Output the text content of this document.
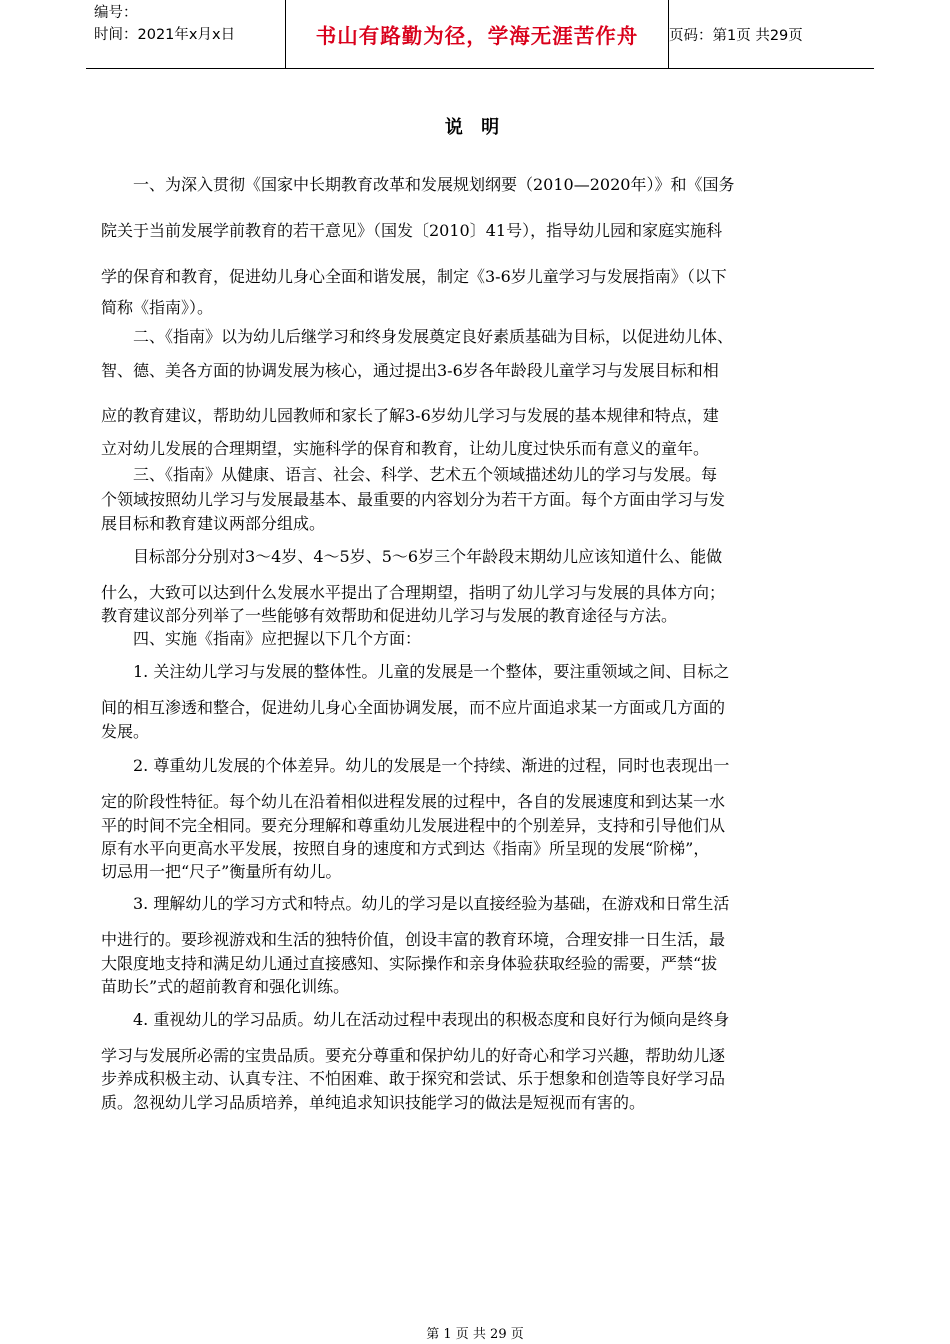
编号：
时间：2021年x月x日	书山有路勤为径，学海无涯苦作舟	页码：第1页 共29页
说 明
　　一、为深入贯彻《国家中长期教育改革和发展规划纲要（2010—2020年）》和《国务
院关于当前发展学前教育的若干意见》（国发〔2010〕41号），指导幼儿园和家庭实施科
学的保育和教育，促进幼儿身心全面和谐发展，制定《3-6岁儿童学习与发展指南》（以下
简称《指南》）。
　　二、《指南》以为幼儿后继学习和终身发展奠定良好素质基础为目标，以促进幼儿体、
智、德、美各方面的协调发展为核心，通过提出3-6岁各年龄段儿童学习与发展目标和相
应的教育建议，帮助幼儿园教师和家长了解3-6岁幼儿学习与发展的基本规律和特点，建
立对幼儿发展的合理期望，实施科学的保育和教育，让幼儿度过快乐而有意义的童年。
　　三、《指南》从健康、语言、社会、科学、艺术五个领域描述幼儿的学习与发展。每
个领域按照幼儿学习与发展最基本、最重要的内容划分为若干方面。每个方面由学习与发
展目标和教育建议两部分组成。
　　目标部分分别对3～4岁、4～5岁、5～6岁三个年龄段末期幼儿应该知道什么、能做
什么，大致可以达到什么发展水平提出了合理期望，指明了幼儿学习与发展的具体方向；
教育建议部分列举了一些能够有效帮助和促进幼儿学习与发展的教育途径与方法。
　　四、实施《指南》应把握以下几个方面：
　　1. 关注幼儿学习与发展的整体性。儿童的发展是一个整体，要注重领域之间、目标之
间的相互渗透和整合，促进幼儿身心全面协调发展，而不应片面追求某一方面或几方面的
发展。
　　2. 尊重幼儿发展的个体差异。幼儿的发展是一个持续、渐进的过程，同时也表现出一
定的阶段性特征。每个幼儿在沿着相似进程发展的过程中，各自的发展速度和到达某一水
平的时间不完全相同。要充分理解和尊重幼儿发展进程中的个别差异，支持和引导他们从
原有水平向更高水平发展，按照自身的速度和方式到达《指南》所呈现的发展“阶梯”，
切忌用一把“尺子”衡量所有幼儿。
　　3. 理解幼儿的学习方式和特点。幼儿的学习是以直接经验为基础，在游戏和日常生活
中进行的。要珍视游戏和生活的独特价值，创设丰富的教育环境，合理安排一日生活，最
大限度地支持和满足幼儿通过直接感知、实际操作和亲身体验获取经验的需要，严禁“拔
苗助长”式的超前教育和强化训练。
　　4. 重视幼儿的学习品质。幼儿在活动过程中表现出的积极态度和良好行为倾向是终身
学习与发展所必需的宝贵品质。要充分尊重和保护幼儿的好奇心和学习兴趣，帮助幼儿逐
步养成积极主动、认真专注、不怕困难、敢于探究和尝试、乐于想象和创造等良好学习品
质。忽视幼儿学习品质培养，单纯追求知识技能学习的做法是短视而有害的。
第 1 页 共 29 页
